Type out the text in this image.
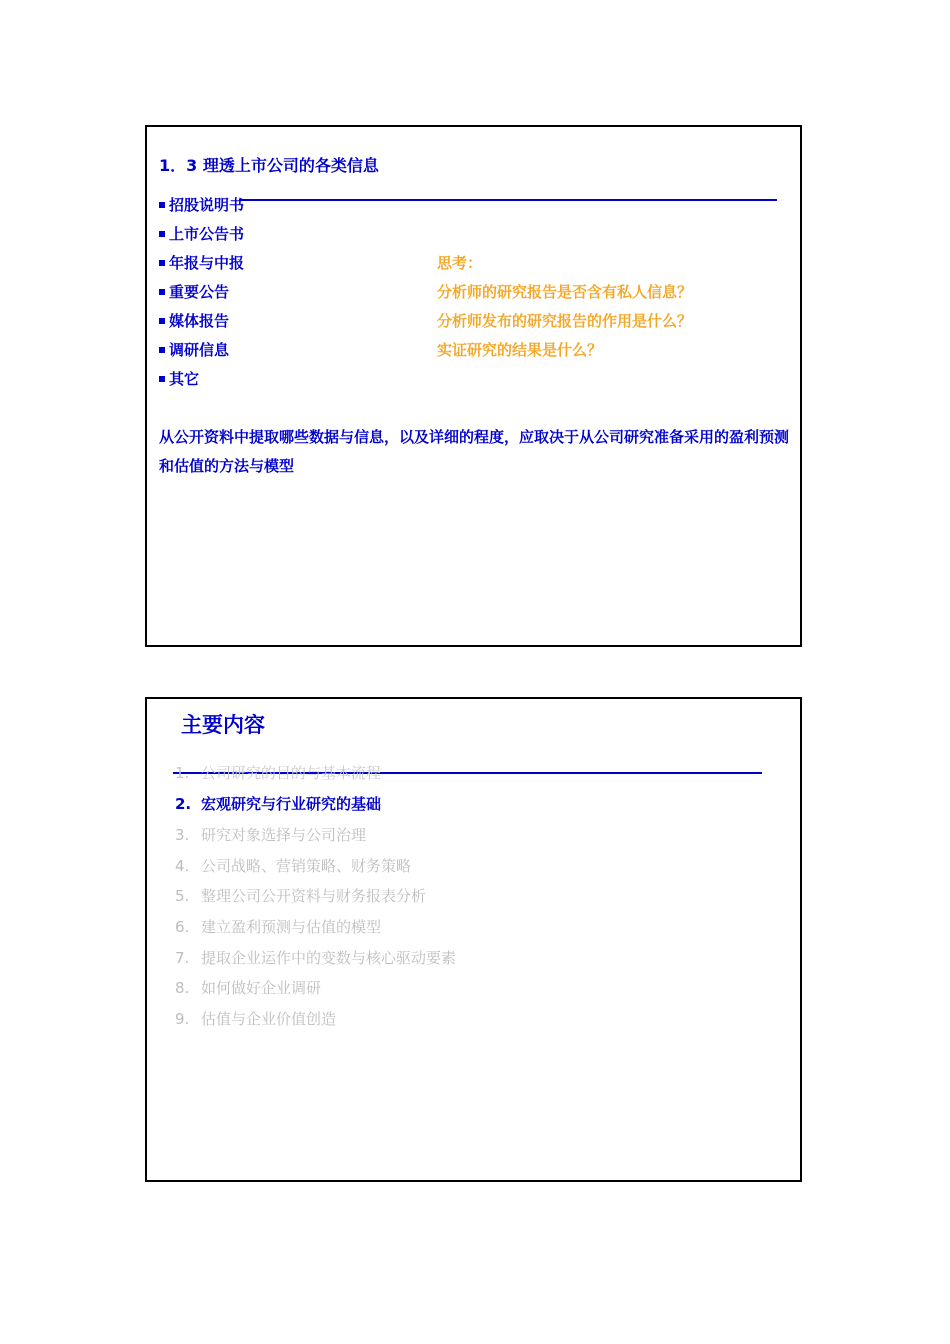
1．3 理透上市公司的各类信息
招股说明书
上市公告书
年报与中报
重要公告
媒体报告
调研信息
其它
思考：
分析师的研究报告是否含有私人信息？
分析师发布的研究报告的作用是什么？
实证研究的结果是什么？
从公开资料中提取哪些数据与信息，以及详细的程度，应取决于从公司研究准备采用的盈利预测和估值的方法与模型
主要内容
1. 公司研究的目的与基本流程
2. 宏观研究与行业研究的基础
3. 研究对象选择与公司治理
4. 公司战略、营销策略、财务策略
5. 整理公司公开资料与财务报表分析
6. 建立盈利预测与估值的模型
7. 提取企业运作中的变数与核心驱动要素
8. 如何做好企业调研
9. 估值与企业价值创造
